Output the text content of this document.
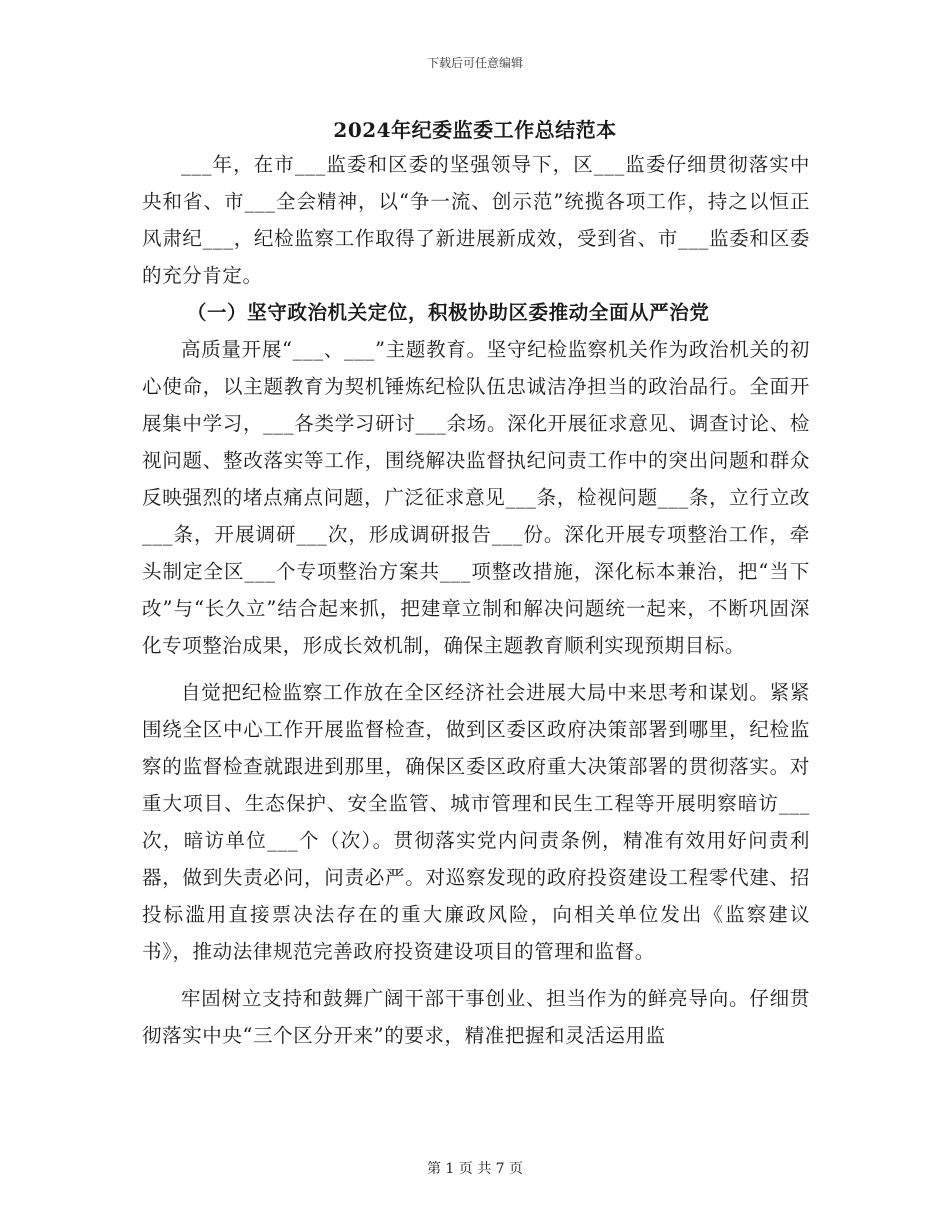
下载后可任意编辑
2024年纪委监委工作总结范本

___年，在市___监委和区委的坚强领导下，区___监委仔细贯彻落实中央和省、市___全会精神，以“争一流、创示范”统揽各项工作，持之以恒正风肃纪___，纪检监察工作取得了新进展新成效，受到省、市___监委和区委的充分肯定。

（一）坚守政治机关定位，积极协助区委推动全面从严治党

高质量开展“___、___”主题教育。坚守纪检监察机关作为政治机关的初心使命，以主题教育为契机锤炼纪检队伍忠诚洁净担当的政治品行。全面开展集中学习，___各类学习研讨___余场。深化开展征求意见、调查讨论、检视问题、整改落实等工作，围绕解决监督执纪问责工作中的突出问题和群众反映强烈的堵点痛点问题，广泛征求意见___条，检视问题___条，立行立改___条，开展调研___次，形成调研报告___份。深化开展专项整治工作，牵头制定全区___个专项整治方案共___项整改措施，深化标本兼治，把“当下改”与“长久立”结合起来抓，把建章立制和解决问题统一起来，不断巩固深化专项整治成果，形成长效机制，确保主题教育顺利实现预期目标。

自觉把纪检监察工作放在全区经济社会进展大局中来思考和谋划。紧紧围绕全区中心工作开展监督检查，做到区委区政府决策部署到哪里，纪检监察的监督检查就跟进到那里，确保区委区政府重大决策部署的贯彻落实。对重大项目、生态保护、安全监管、城市管理和民生工程等开展明察暗访___次，暗访单位___个（次）。贯彻落实党内问责条例，精准有效用好问责利器，做到失责必问，问责必严。对巡察发现的政府投资建设工程零代建、招投标滥用直接票决法存在的重大廉政风险，向相关单位发出《监察建议书》，推动法律规范完善政府投资建设项目的管理和监督。

牢固树立支持和鼓舞广阔干部干事创业、担当作为的鲜亮导向。仔细贯彻落实中央“三个区分开来”的要求，精准把握和灵活运用监

第 1 页 共 7 页
